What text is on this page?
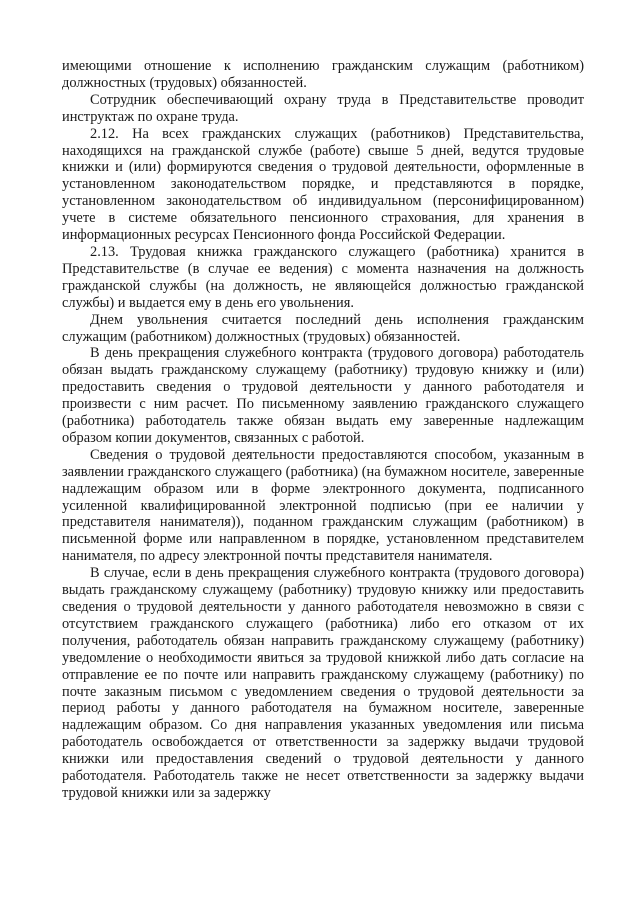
имеющими отношение к исполнению гражданским служащим (работником) должностных (трудовых) обязанностей.

Сотрудник обеспечивающий охрану труда в Представительстве проводит инструктаж по охране труда.

2.12. На всех гражданских служащих (работников) Представительства, находящихся на гражданской службе (работе) свыше 5 дней, ведутся трудовые книжки и (или) формируются сведения о трудовой деятельности, оформленные в установленном законодательством порядке, и представляются в порядке, установленном законодательством об индивидуальном (персонифицированном) учете в системе обязательного пенсионного страхования, для хранения в информационных ресурсах Пенсионного фонда Российской Федерации.

2.13. Трудовая книжка гражданского служащего (работника) хранится в Представительстве (в случае ее ведения) с момента назначения на должность гражданской службы (на должность, не являющейся должностью гражданской службы) и выдается ему в день его увольнения.

Днем увольнения считается последний день исполнения гражданским служащим (работником) должностных (трудовых) обязанностей.

В день прекращения служебного контракта (трудового договора) работодатель обязан выдать гражданскому служащему (работнику) трудовую книжку и (или) предоставить сведения о трудовой деятельности у данного работодателя и произвести с ним расчет. По письменному заявлению гражданского служащего (работника) работодатель также обязан выдать ему заверенные надлежащим образом копии документов, связанных с работой.

Сведения о трудовой деятельности предоставляются способом, указанным в заявлении гражданского служащего (работника) (на бумажном носителе, заверенные надлежащим образом или в форме электронного документа, подписанного усиленной квалифицированной электронной подписью (при ее наличии у представителя нанимателя)), поданном гражданским служащим (работником) в письменной форме или направленном в порядке, установленном представителем нанимателя, по адресу электронной почты представителя нанимателя.

В случае, если в день прекращения служебного контракта (трудового договора) выдать гражданскому служащему (работнику) трудовую книжку или предоставить сведения о трудовой деятельности у данного работодателя невозможно в связи с отсутствием гражданского служащего (работника) либо его отказом от их получения, работодатель обязан направить гражданскому служащему (работнику) уведомление о необходимости явиться за трудовой книжкой либо дать согласие на отправление ее по почте или направить гражданскому служащему (работнику) по почте заказным письмом с уведомлением сведения о трудовой деятельности за период работы у данного работодателя на бумажном носителе, заверенные надлежащим образом. Со дня направления указанных уведомления или письма работодатель освобождается от ответственности за задержку выдачи трудовой книжки или предоставления сведений о трудовой деятельности у данного работодателя. Работодатель также не несет ответственности за задержку выдачи трудовой книжки или за задержку
